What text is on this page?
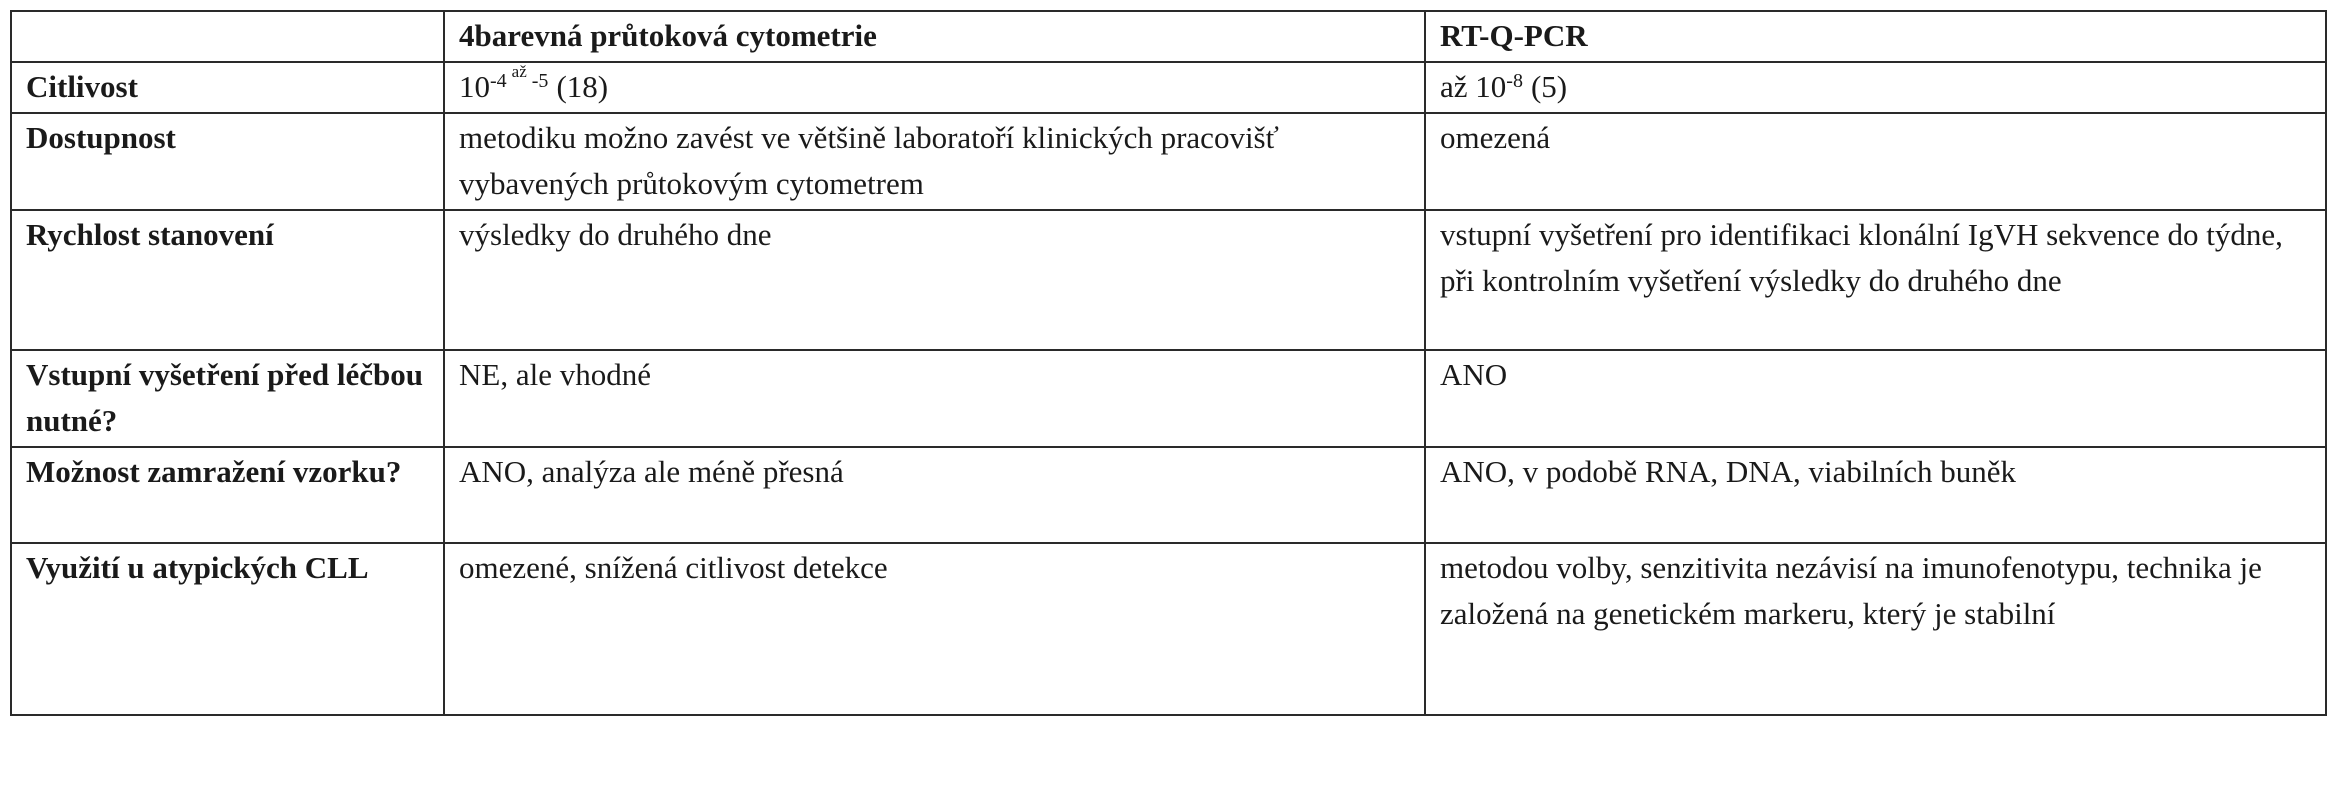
	4barevná průtoková cytometrie	RT-Q-PCR
Citlivost	$10^{-4 ^{až} -5}$ (18)	až $10^{-8}$ (5)
Dostupnost	metodiku možno zavést ve většině laboratoří klinických pracovišť vybavených průtokovým cytometrem	omezená
Rychlost stanovení	výsledky do druhého dne	vstupní vyšetření pro identifikaci klonální IgVH sekvence do týdne, při kontrolním vyšetření výsledky do druhého dne
Vstupní vyšetření před léčbou nutné?	NE, ale vhodné	ANO
Možnost zamražení vzorku?	ANO, analýza ale méně přesná	ANO, v podobě RNA, DNA, viabilních buněk
Využití u atypických CLL	omezené, snížená citlivost detekce	metodou volby, senzitivita nezávisí na imunofenotypu, technika je založená na genetickém markeru, který je stabilní
